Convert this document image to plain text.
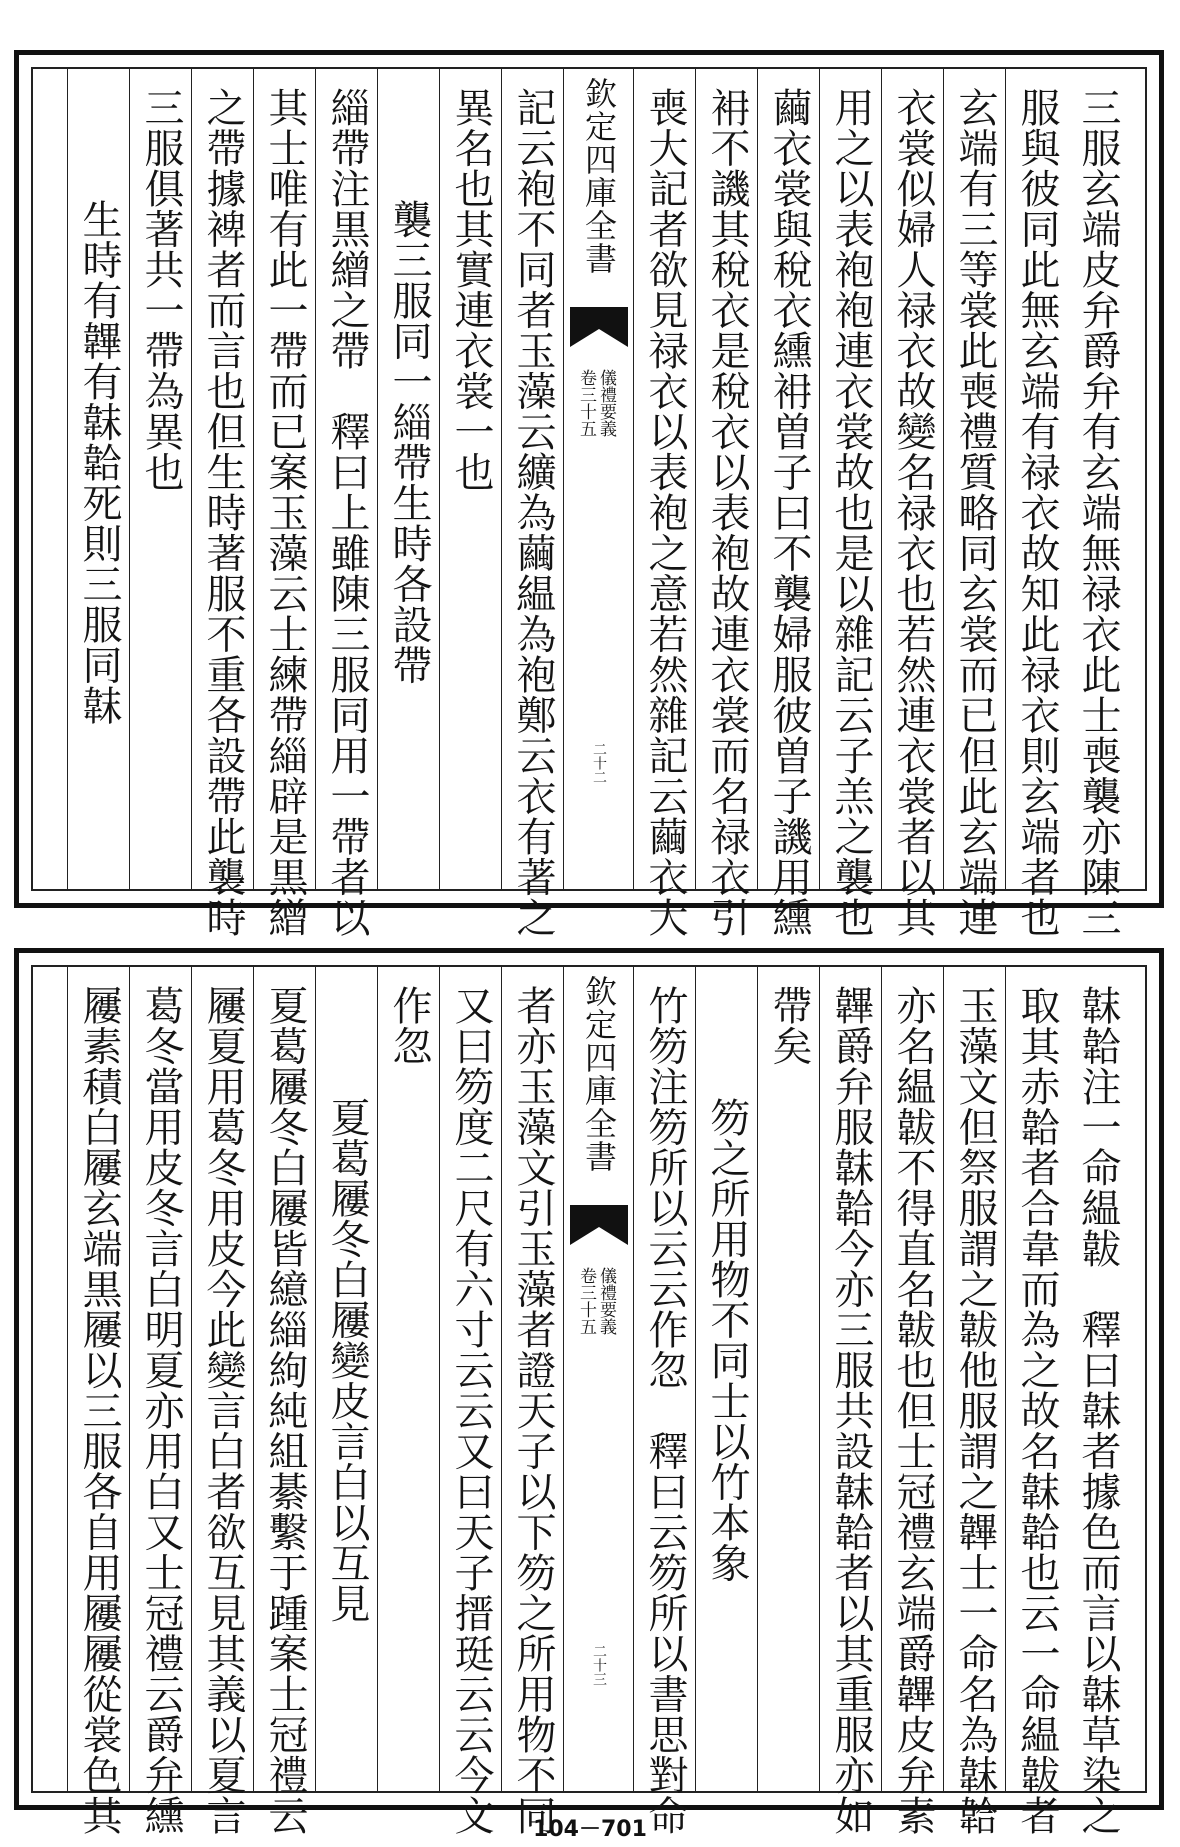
三服玄端皮弁爵弁有玄端無禄衣此士喪襲亦陳三
服與彼同此無玄端有禄衣故知此禄衣則玄端者也
玄端有三等裳此喪禮質略同玄裳而已但此玄端連
衣裳似婦人禄衣故變名禄衣也若然連衣裳者以其
用之以表袍袍連衣裳故也是以雜記云子羔之襲也
繭衣裳與稅衣纁衻曽子曰不襲婦服彼曽子譏用纁
衻不譏其稅衣是稅衣以表袍故連衣裳而名禄衣引
喪大記者欲見禄衣以表袍之意若然雜記云繭衣大
欽定四庫全書
儀禮要義
卷三十五
二十二
記云袍不同者玉藻云纊為繭緼為袍鄭云衣有著之
異名也其實連衣裳一也
襲三服同一緇帶生時各設帶
緇帶注黒繒之帶　釋曰上雖陳三服同用一帶者以
其士唯有此一帶而已案玉藻云士練帶緇辟是黒繒
之帶據裨者而言也但生時著服不重各設帶此襲時
三服俱著共一帶為異也
生時有韠有韎韐死則三服同韎
韎韐注一命緼韍　釋曰韎者據色而言以韎草染之
取其赤韐者合韋而為之故名韎韐也云一命緼韍者
玉藻文但祭服謂之韍他服謂之韠士一命名為韎韐
亦名緼韍不得直名韍也但士冠禮玄端爵韠皮弁素
韠爵弁服韎韐今亦三服共設韎韐者以其重服亦如
帶矣
笏之所用物不同士以竹本象
竹笏注笏所以云云作忽　釋曰云笏所以書思對命
欽定四庫全書
儀禮要義
卷三十五
二十三
者亦玉藻文引玉藻者證天子以下笏之所用物不同
又曰笏度二尺有六寸云云又曰天子搢珽云云今文
作忽
夏葛屨冬白屨變皮言白以互見
夏葛屨冬白屨皆繶緇絇純組綦繫于踵案士冠禮云
屨夏用葛冬用皮今此變言白者欲互見其義以夏言
葛冬當用皮冬言白明夏亦用白又士冠禮云爵弁纁
屨素積白屨玄端黒屨以三服各自用屨屨從裳色其	104－701
